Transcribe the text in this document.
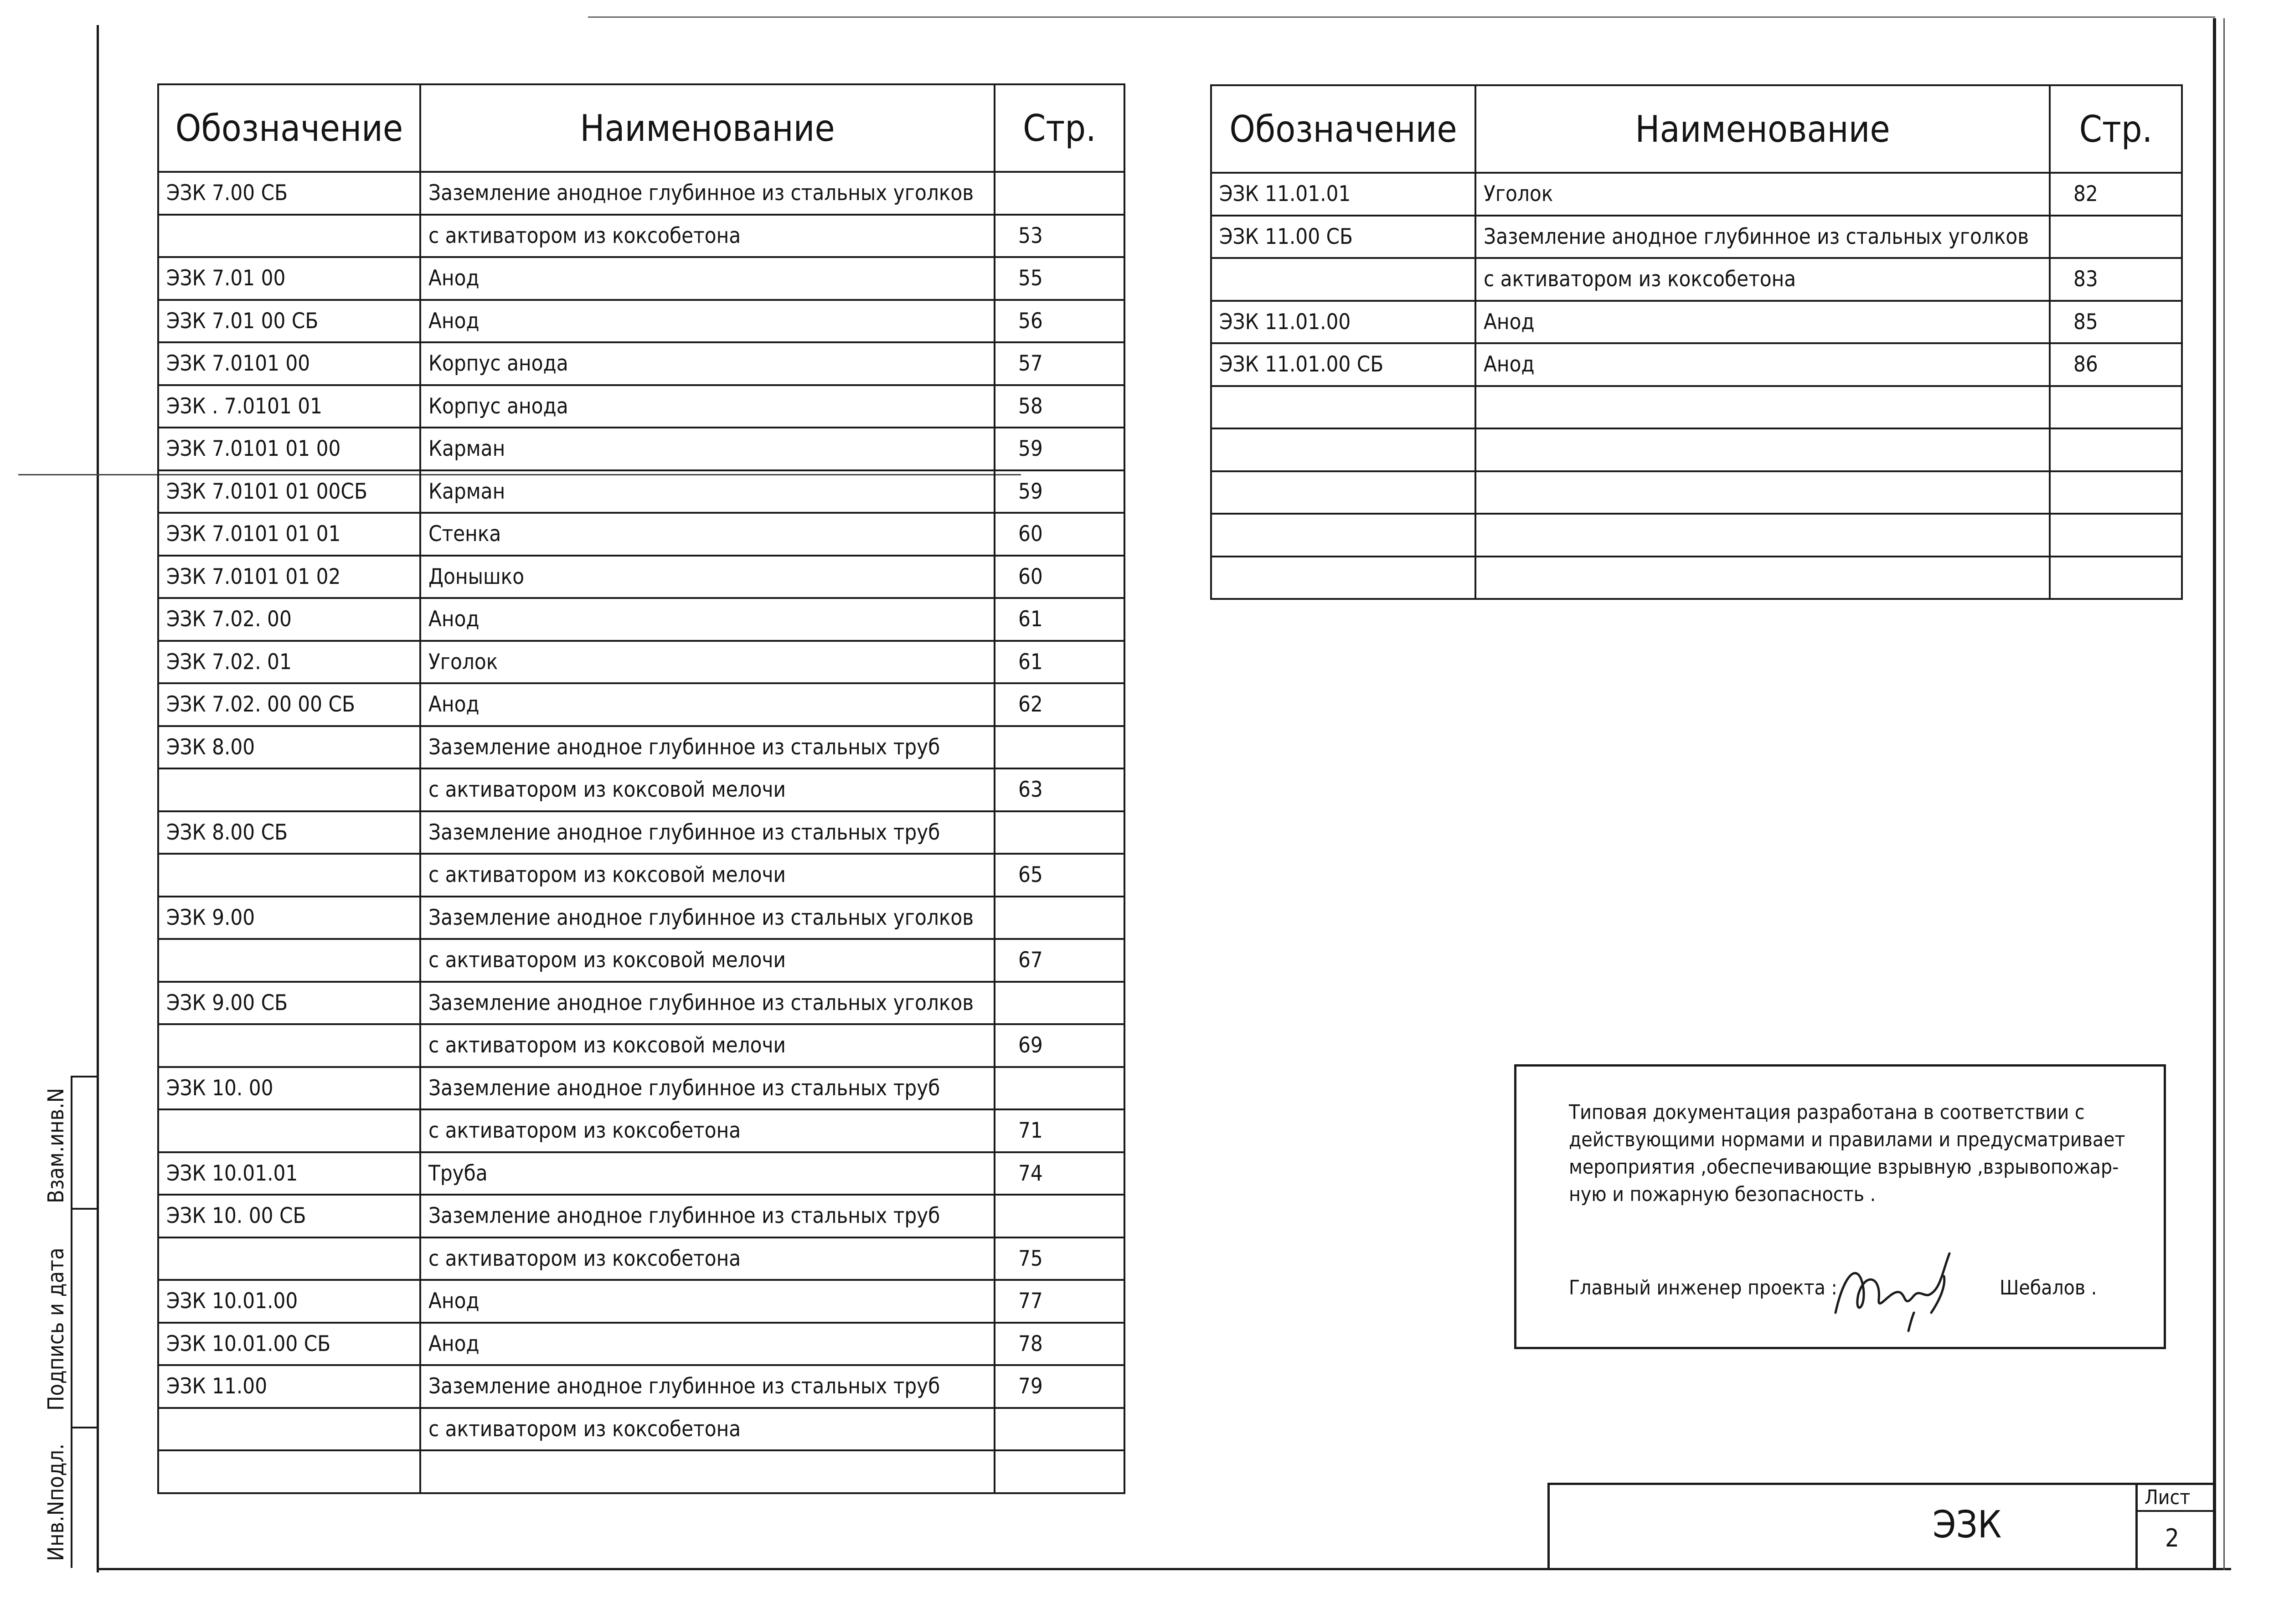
Обозначение	Наименование	Стр.
ЭЗК 7.00 СБ	Заземление анодное глубинное из стальных уголков	
	с активатором из коксобетона	53
ЭЗК 7.01 00	Анод	55
ЭЗК 7.01 00 СБ	Анод	56
ЭЗК 7.0101 00	Корпус анода	57
ЭЗК . 7.0101 01	Корпус анода	58
ЭЗК 7.0101 01 00	Карман	59
ЭЗК 7.0101 01 00СБ	Карман	59
ЭЗК 7.0101 01 01	Стенка	60
ЭЗК 7.0101 01 02	Донышко	60
ЭЗК 7.02. 00	Анод	61
ЭЗК 7.02. 01	Уголок	61
ЭЗК 7.02. 00 00 СБ	Анод	62
ЭЗК 8.00	Заземление анодное глубинное из стальных труб	
	с активатором из коксовой мелочи	63
ЭЗК 8.00 СБ	Заземление анодное глубинное из стальных труб	
	с активатором из коксовой мелочи	65
ЭЗК 9.00	Заземление анодное глубинное из стальных уголков	
	с активатором из коксовой мелочи	67
ЭЗК 9.00 СБ	Заземление анодное глубинное из стальных уголков	
	с активатором из коксовой мелочи	69
ЭЗК 10. 00	Заземление анодное глубинное из стальных труб	
	с активатором из коксобетона	71
ЭЗК 10.01.01	Труба	74
ЭЗК 10. 00 СБ	Заземление анодное глубинное из стальных труб	
	с активатором из коксобетона	75
ЭЗК 10.01.00	Анод	77
ЭЗК 10.01.00 СБ	Анод	78
ЭЗК 11.00	Заземление анодное глубинное из стальных труб	79
	с активатором из коксобетона	

Обозначение	Наименование	Стр.
ЭЗК 11.01.01	Уголок	82
ЭЗК 11.00 СБ	Заземление анодное глубинное из стальных уголков	
	с активатором из коксобетона	83
ЭЗК 11.01.00	Анод	85
ЭЗК 11.01.00 СБ	Анод	86

Взам.инв.N
Подпись и дата
Инв.Nподл.
Типовая документация разработана в соответствии с
действующими нормами и правилами и предусматривает
мероприятия ,обеспечивающие взрывную ,взрывопожар-
ную и пожарную безопасность .
Главный инженер проекта :	Шебалов .
ЭЗК
Лист
2
